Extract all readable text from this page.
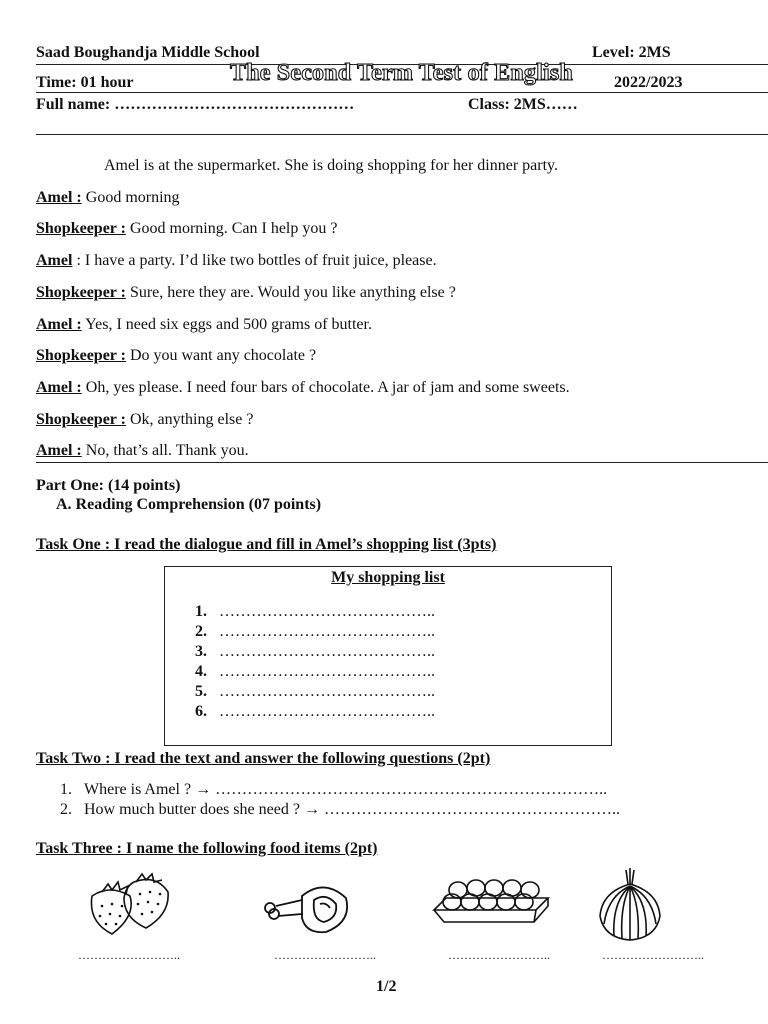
Saad Boughandja Middle School	Level: 2MS
Time: 01 hour	The Second Term Test of English	2022/2023
Full name: ………………………………………	Class: 2MS……
Amel is at the supermarket. She is doing shopping for her dinner party.
Amel : Good morning
Shopkeeper : Good morning. Can I help you ?
Amel : I have a party. I’d like two bottles of fruit juice, please.
Shopkeeper : Sure, here they are. Would you like anything else ?
Amel : Yes, I need six eggs and 500 grams of butter.
Shopkeeper : Do you want any chocolate ?
Amel : Oh, yes please. I need four bars of chocolate. A jar of jam and some sweets.
Shopkeeper : Ok, anything else ?
Amel : No, that’s all. Thank you.
Part One: (14 points)
A. Reading Comprehension (07 points)
Task One : I read the dialogue and fill in Amel’s shopping list (3pts)
My shopping list
1. …………………………………..
2. …………………………………..
3. …………………………………..
4. …………………………………..
5. …………………………………..
6. …………………………………..
Task Two : I read the text and answer the following questions (2pt)
1. Where is Amel ? → ………………………………………………………………..
2. How much butter does she need ? → ………………………………………………..
Task Three : I name the following food items (2pt)
……………………..	……………………..	……………………..	……………………..
1/2
